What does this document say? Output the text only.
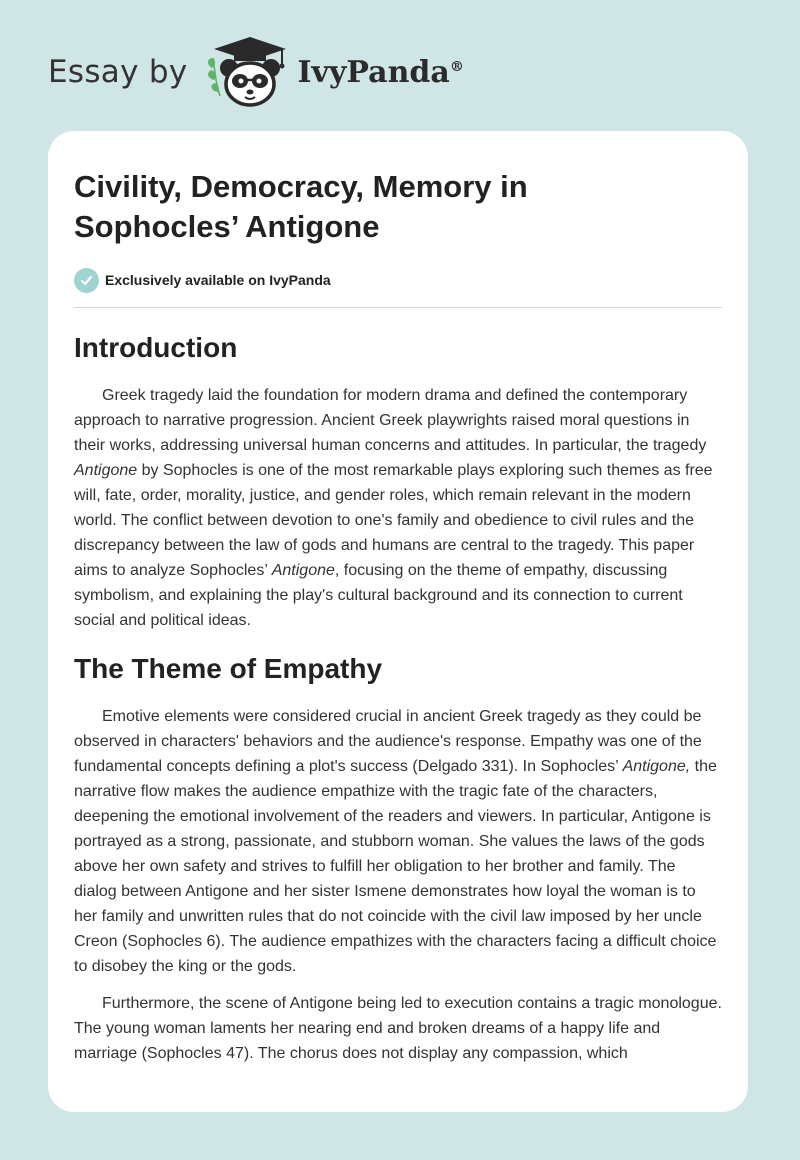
Essay by	IvyPanda®
Civility, Democracy, Memory in Sophocles’ Antigone
Exclusively available on IvyPanda
Introduction

Greek tragedy laid the foundation for modern drama and defined the contemporary approach to narrative progression. Ancient Greek playwrights raised moral questions in their works, addressing universal human concerns and attitudes. In particular, the tragedy Antigone by Sophocles is one of the most remarkable plays exploring such themes as free will, fate, order, morality, justice, and gender roles, which remain relevant in the modern world. The conflict between devotion to one's family and obedience to civil rules and the discrepancy between the law of gods and humans are central to the tragedy. This paper aims to analyze Sophocles’ Antigone, focusing on the theme of empathy, discussing symbolism, and explaining the play's cultural background and its connection to current social and political ideas.

The Theme of Empathy

Emotive elements were considered crucial in ancient Greek tragedy as they could be observed in characters' behaviors and the audience's response. Empathy was one of the fundamental concepts defining a plot's success (Delgado 331). In Sophocles’ Antigone, the narrative flow makes the audience empathize with the tragic fate of the characters, deepening the emotional involvement of the readers and viewers. In particular, Antigone is portrayed as a strong, passionate, and stubborn woman. She values the laws of the gods above her own safety and strives to fulfill her obligation to her brother and family. The dialog between Antigone and her sister Ismene demonstrates how loyal the woman is to her family and unwritten rules that do not coincide with the civil law imposed by her uncle Creon (Sophocles 6). The audience empathizes with the characters facing a difficult choice to disobey the king or the gods.

Furthermore, the scene of Antigone being led to execution contains a tragic monologue. The young woman laments her nearing end and broken dreams of a happy life and marriage (Sophocles 47). The chorus does not display any compassion, which
